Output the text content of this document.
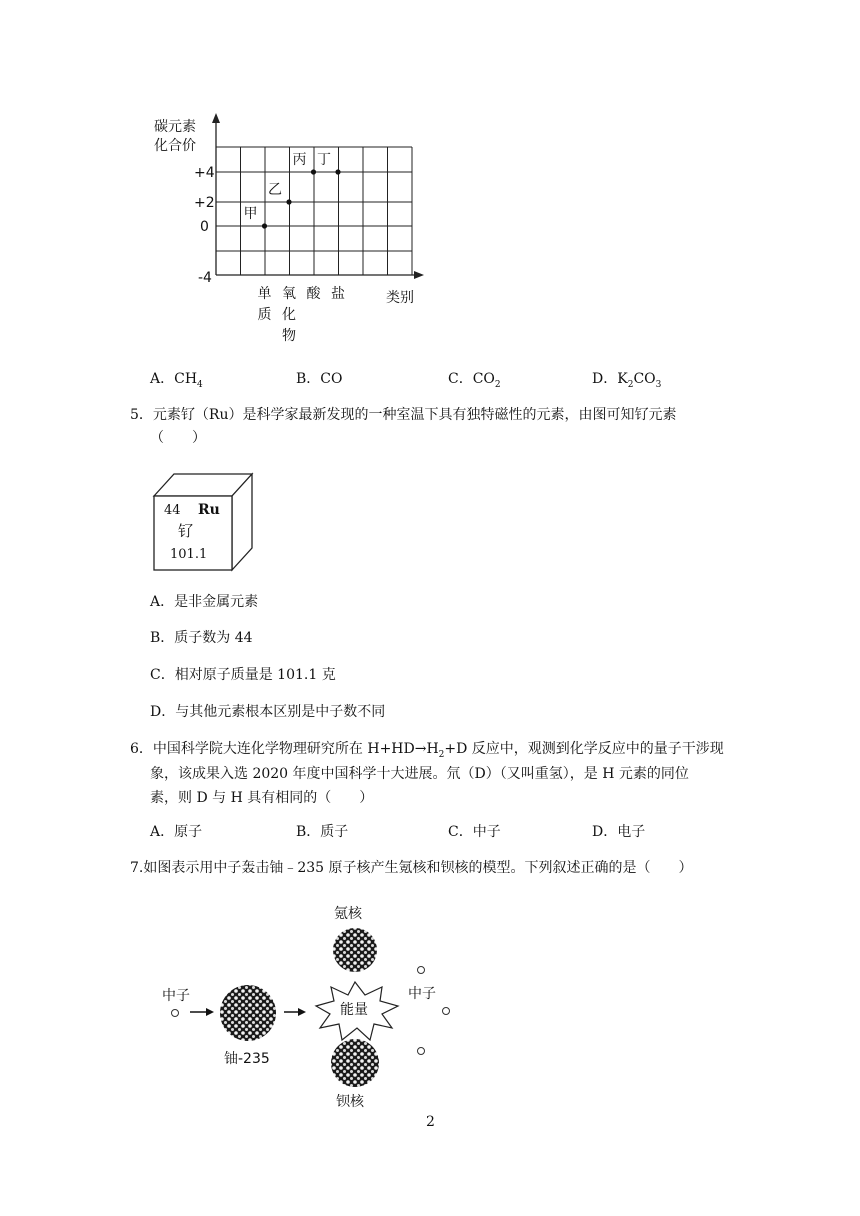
碳元素
化合价
+4
+2
0
-4
甲
乙
丙 丁
单
质
氧
化
物
酸 盐	类别
A．$CH_4$	B．CO	C．$CO_2$	D．$K_2CO_3$
5．元素钌（Ru）是科学家最新发现的一种室温下具有独特磁性的元素，由图可知钌元素
（　　）
44 Ru
钌
101.1
A．是非金属元素
B．质子数为 44
C．相对原子质量是 101.1 克
D．与其他元素根本区别是中子数不同
6．中国科学院大连化学物理研究所在 $H+HD\to H_2+D$ 反应中，观测到化学反应中的量子干涉现
象，该成果入选 2020 年度中国科学十大进展。氘（D）（又叫重氢），是 H 元素的同位
素，则 D 与 H 具有相同的（　　）
A．原子	B．质子	C．中子	D．电子
7.如图表示用中子轰击铀﹣235 原子核产生氪核和钡核的模型。下列叙述正确的是（　　）
中子
铀-235
能量
氪核
钡核
中子
2
